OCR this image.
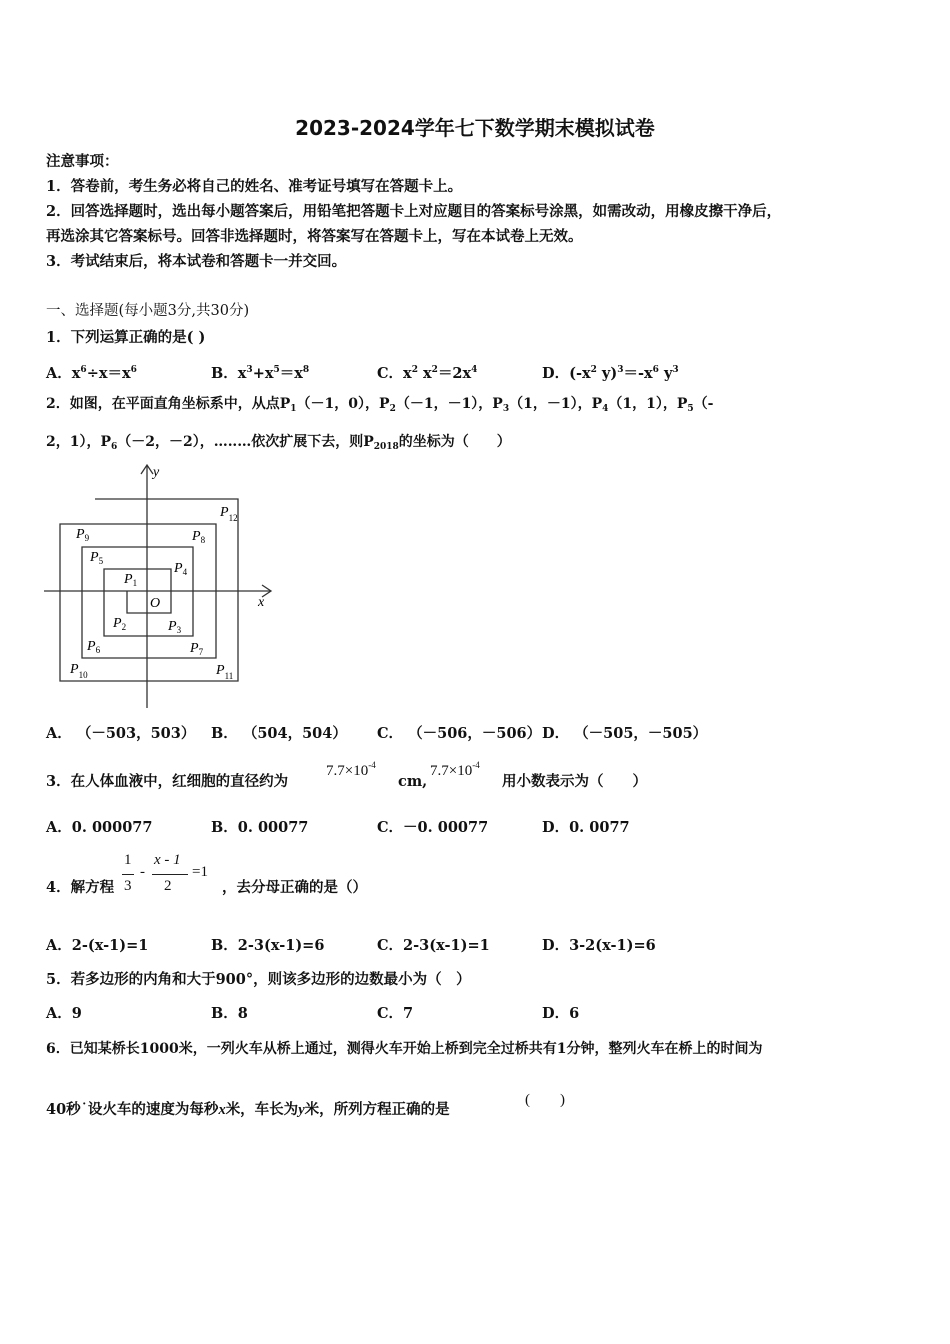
2023-2024学年七下数学期末模拟试卷
注意事项：
1．答卷前，考生务必将自己的姓名、准考证号填写在答题卡上。
2．回答选择题时，选出每小题答案后，用铅笔把答题卡上对应题目的答案标号涂黑，如需改动，用橡皮擦干净后，
再选涂其它答案标号。回答非选择题时，将答案写在答题卡上，写在本试卷上无效。
3．考试结束后，将本试卷和答题卡一并交回。
一、选择题(每小题3分,共30分)
1．下列运算正确的是( )
A．$x^6\div x=x^6$	B．$x^3+x^5=x^8$	C．$x^2$ $x^2=2x^4$	D．($-x^2$ $y)^3=-x^6$ $y^3$
2．如图，在平面直角坐标系中，从点$P_1(-1$，0），$P_2(-1$，－1），$P_3(1$，－1），$P_4(1$，1），$P_5(-$
2，1），$P_6(-2$，－2），…‥…依次扩展下去，则$P_{2018}$的坐标为（　　）
y
x
O
$P_1$
$P_2$	$P_3$
$P_4$
$P_5$
$P_6$	$P_7$
$P_8$
$P_9$
$P_{10}$	$P_{11}$
$P_{12}$
A． （－503，503） B． （504，504） C． （－506，－506） D． （－505，－505）
3．在人体血液中，红细胞的直径约为
$7.7\times 10^{-4}$
cm,
$7.7\times 10^{-4}$
用小数表示为（　　）
A．0. 000077	B．0. 00077	C．－0. 00077	D．0. 0077
4．解方程
1
3
-
x - 1
2
=1
，去分母正确的是（）
A．2-(x-1)=1	B．2-3(x-1)=6	C．2-3(x-1)=1	D．3-2(x-1)=6
5．若多边形的内角和大于900°，则该多边形的边数最小为（　）
A．9	B．8	C．7	D．6
6．已知某桥长1000米，一列火车从桥上通过，测得火车开始上桥到完全过桥共有1分钟，整列火车在桥上的时间为
40秒˙设火车的速度为每秒x米，车长为y米，所列方程正确的是
(　　)
